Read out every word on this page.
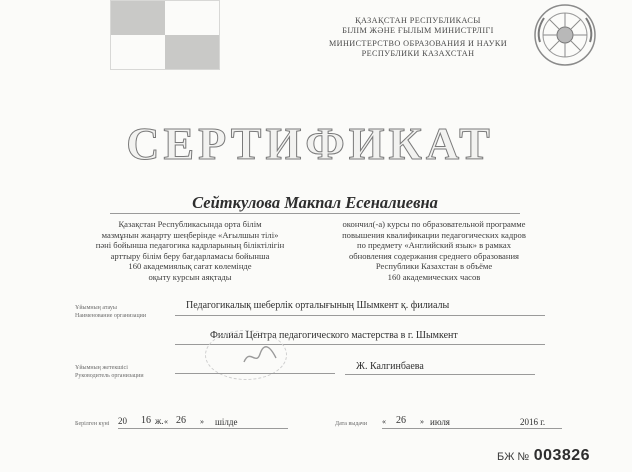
ҚАЗАҚСТАН РЕСПУБЛИКАСЫ
БІЛІМ ЖӘНЕ ҒЫЛЫМ МИНИСТРЛІГІ
МИНИСТЕРСТВО ОБРАЗОВАНИЯ И НАУКИ
РЕСПУБЛИКИ КАЗАХСТАН
СЕРТИФИКАТ
Сейткулова Макпал Есеналиевна
Қазақстан Республикасында орта білім
мазмұнын жаңарту шеңберінде «Ағылшын тілі»
пәні бойынша педагогика кадрларының біліктілігін
арттыру білім беру бағдарламасы бойынша
160 академиялық сағат көлемінде
оқыту курсын аяқтады
окончил(-а) курсы по образовательной программе
повышения квалификации педагогических кадров
по предмету «Английский язык» в рамках
обновления содержания среднего образования
Республики Казахстан в объёме
160 академических часов
Ұйымның атауы
Наименование организации
Педагогикалық шеберлік орталығының Шымкент қ. филиалы
Филиал Центра педагогического мастерства в г. Шымкент
Ұйымның жетекшісі
Руководитель организации
Ж. Калгинбаева
Берілген күні 20 16 ж. « 26 » шілде	Дата выдачи « 26 » июля	2016 г.
БЖ № 003826
